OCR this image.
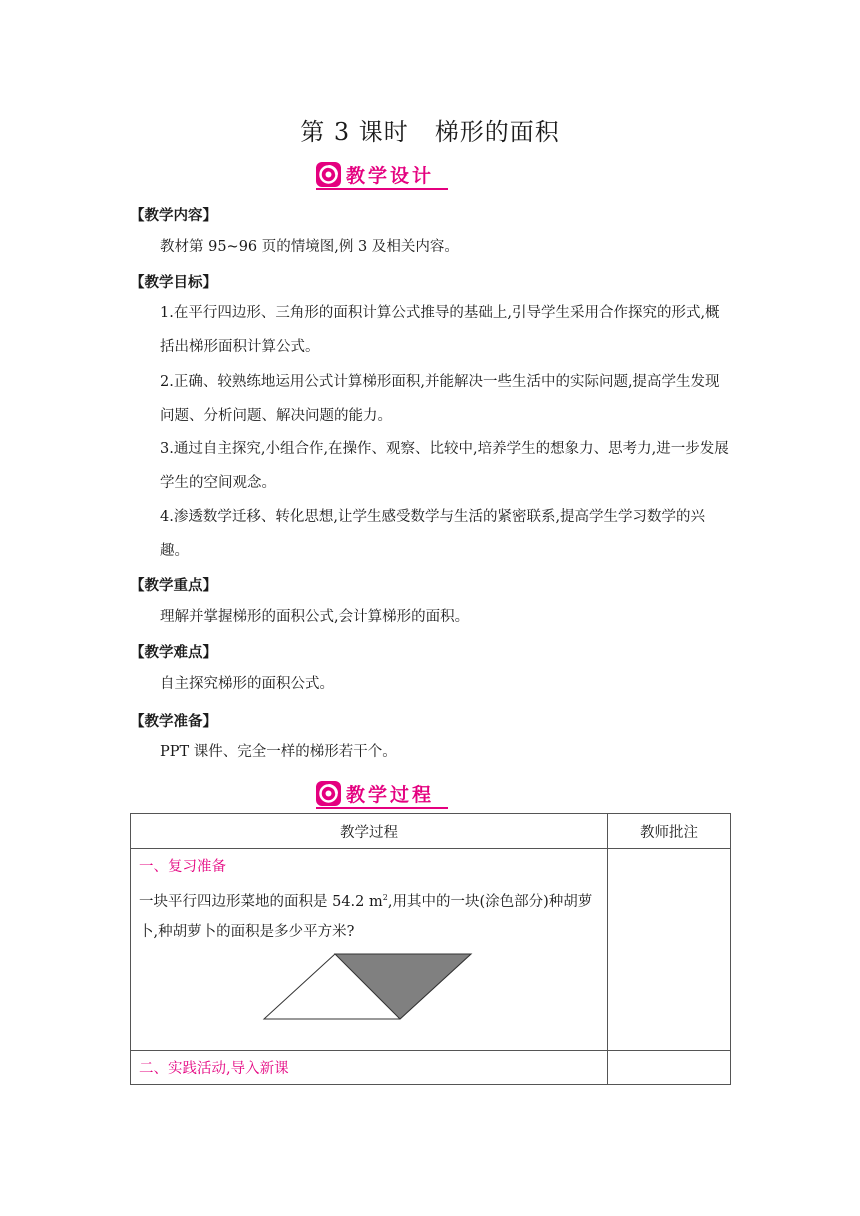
第 3 课时 梯形的面积
教学设计
【教学内容】
教材第 95~96 页的情境图,例 3 及相关内容。
【教学目标】
1.在平行四边形、三角形的面积计算公式推导的基础上,引导学生采用合作探究的形式,概括出梯形面积计算公式。
2.正确、较熟练地运用公式计算梯形面积,并能解决一些生活中的实际问题,提高学生发现问题、分析问题、解决问题的能力。
3.通过自主探究,小组合作,在操作、观察、比较中,培养学生的想象力、思考力,进一步发展学生的空间观念。
4.渗透数学迁移、转化思想,让学生感受数学与生活的紧密联系,提高学生学习数学的兴趣。
【教学重点】
理解并掌握梯形的面积公式,会计算梯形的面积。
【教学难点】
自主探究梯形的面积公式。
【教学准备】
PPT 课件、完全一样的梯形若干个。
教学过程
教学过程	教师批注

一、复习准备
一块平行四边形菜地的面积是 54.2 $m^2$,用其中的一块(涂色部分)种胡萝卜,种胡萝卜的面积是多少平方米?	

二、实践活动,导入新课	
